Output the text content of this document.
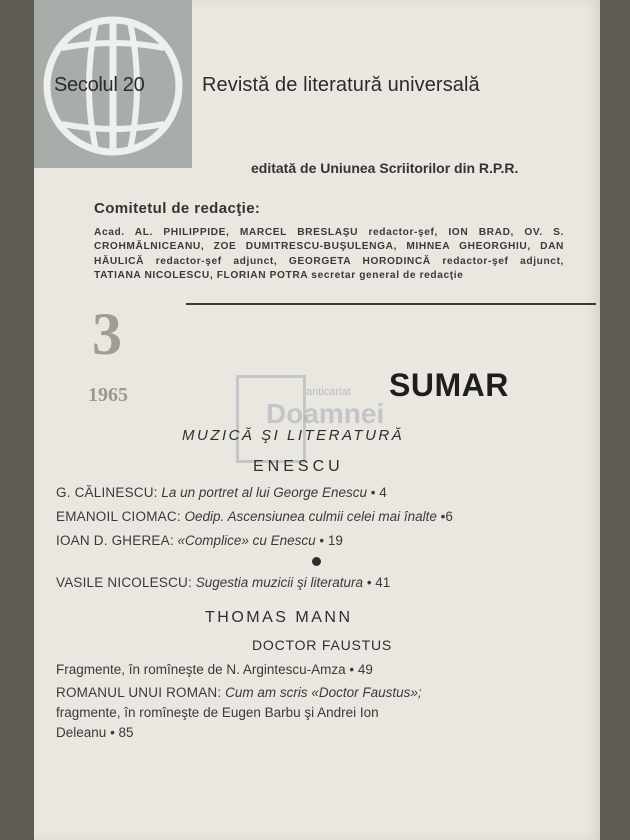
Secolul 20	Revistă de literatură universală
editată de Uniunea Scriitorilor din R.P.R.
Comitetul de redacţie:
Acad. AL. PHILIPPIDE, MARCEL BRESLAŞU redactor-şef, ION BRAD, OV. S. CROHMĂLNICEANU, ZOE DUMITRESCU-BUŞULENGA, MIHNEA GHEORGHIU, DAN HĂULICĂ redactor-şef adjunct, GEORGETA HORODINCĂ redactor-şef adjunct, TATIANA NICOLESCU, FLORIAN POTRA secretar general de redacţie
3
1965	anticariat
Doamnei
SUMAR
MUZICĂ ŞI LITERATURĂ
ENESCU
G. CĂLINESCU: La un portret al lui George Enescu • 4
EMANOIL CIOMAC: Oedip. Ascensiunea culmii celei mai înalte •6
IOAN D. GHEREA: «Complice» cu Enescu • 19
VASILE NICOLESCU: Sugestia muzicii şi literatura • 41
THOMAS MANN
DOCTOR FAUSTUS
Fragmente, în romîneşte de N. Argintescu-Amza • 49
ROMANUL UNUI ROMAN: Cum am scris «Doctor Faustus»;
fragmente, în romîneşte de Eugen Barbu şi Andrei Ion
Deleanu • 85
